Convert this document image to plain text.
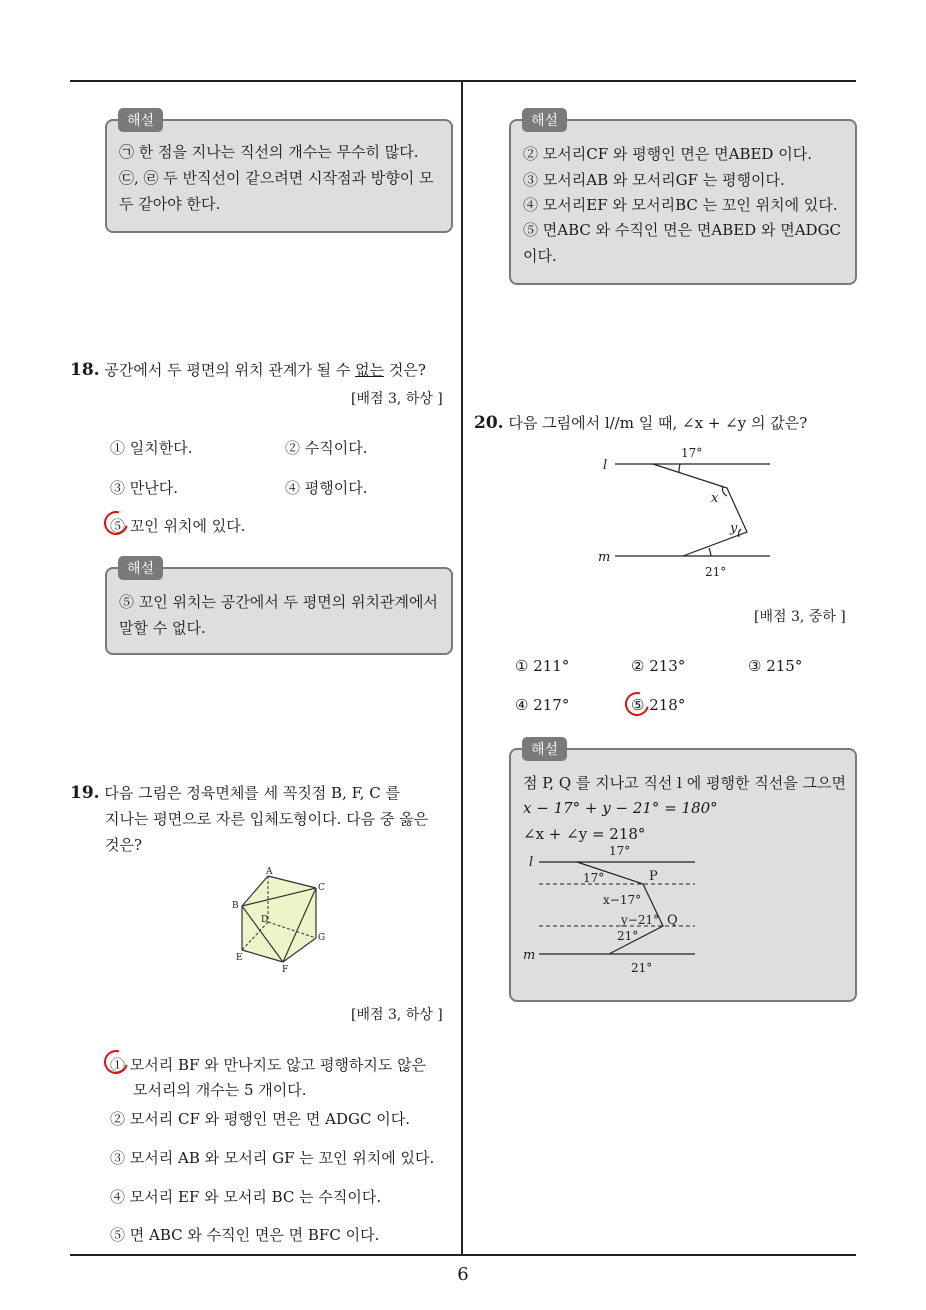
6
㉠ 한 점을 지나는 직선의 개수는 무수히 많다.
㉢, ㉣ 두 반직선이 같으려면 시작점과 방향이 모
두 같아야 한다.
해설
18. 공간에서 두 평면의 위치 관계가 될 수 없는 것은?
[배점 3, 하상 ]
① 일치한다.	② 수직이다.
③ 만난다.	④ 평행이다.
⑤ 꼬인 위치에 있다.
⑤ 꼬인 위치는 공간에서 두 평면의 위치관계에서
말할 수 없다.
해설
19. 다음 그림은 정육면체를 세 꼭짓점 B, F, C 를
지나는 평면으로 자른 입체도형이다. 다음 중 옳은
것은?
A
B
C
D
E
F
G
[배점 3, 하상 ]
① 모서리 BF 와 만나지도 않고 평행하지도 않은
모서리의 개수는 5 개이다.
② 모서리 CF 와 평행인 면은 면 ADGC 이다.
③ 모서리 AB 와 모서리 GF 는 꼬인 위치에 있다.
④ 모서리 EF 와 모서리 BC 는 수직이다.
⑤ 면 ABC 와 수직인 면은 면 BFC 이다.
② 모서리CF 와 평행인 면은 면ABED 이다.
③ 모서리AB 와 모서리GF 는 평행이다.
④ 모서리EF 와 모서리BC 는 꼬인 위치에 있다.
⑤ 면ABC 와 수직인 면은 면ABED 와 면ADGC
이다.
해설
20. 다음 그림에서 l//m 일 때, ∠x + ∠y 의 값은?
l
m
x
y
17°
21°
[배점 3, 중하 ]
① 211°	② 213°	③ 215°
④ 217°	⑤ 218°
점 P, Q 를 지나고 직선 l 에 평행한 직선을 그으면
x − 17° + y − 21° = 180°
∠x + ∠y = 218°
l
m
17°
17°	P
x−17°
y−21° Q
21°
21°
해설
